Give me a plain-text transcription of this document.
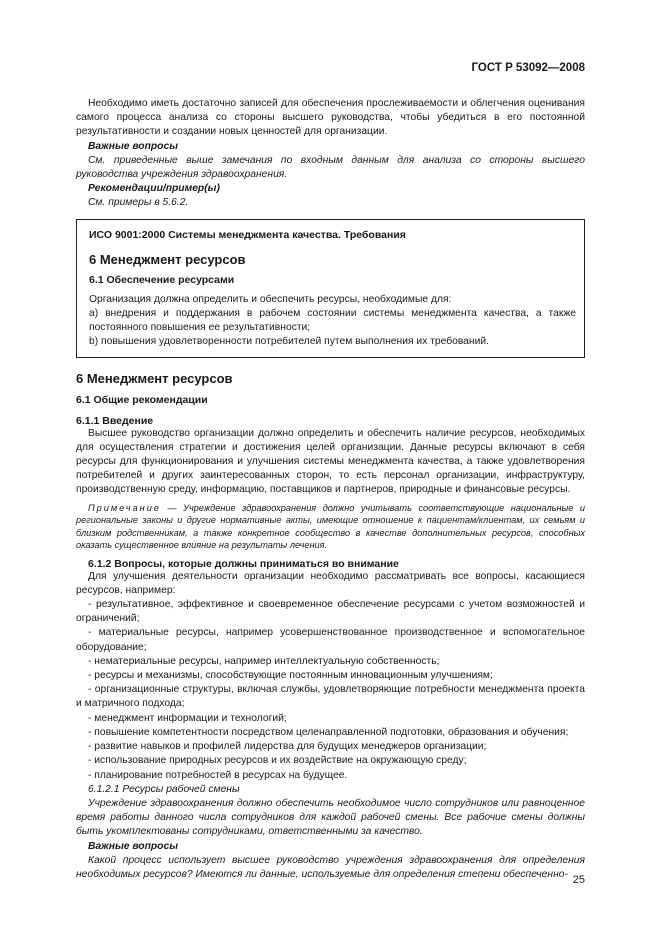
ГОСТ Р 53092—2008

Необходимо иметь достаточно записей для обеспечения прослеживаемости и облегчения оценивания самого процесса анализа со стороны высшего руководства, чтобы убедиться в его постоянной результативности и создании новых ценностей для организации.

Важные вопросы

См. приведенные выше замечания по входным данным для анализа со стороны высшего руководства учреждения здравоохранения.

Рекомендации/пример(ы)

См. примеры в 5.6.2.

ИСО 9001:2000 Системы менеджмента качества. Требования

6 Менеджмент ресурсов

6.1 Обеспечение ресурсами

Организация должна определить и обеспечить ресурсы, необходимые для:

а) внедрения и поддержания в рабочем состоянии системы менеджмента качества, а также постоянного повышения ее результативности;

b) повышения удовлетворенности потребителей путем выполнения их требований.

6 Менеджмент ресурсов

6.1 Общие рекомендации

6.1.1 Введение

Высшее руководство организации должно определить и обеспечить наличие ресурсов, необходимых для осуществления стратегии и достижения целей организации. Данные ресурсы включают в себя ресурсы для функционирования и улучшения системы менеджмента качества, а также удовлетворения потребителей и других заинтересованных сторон, то есть персонал организации, инфраструктуру, производственную среду, информацию, поставщиков и партнеров, природные и финансовые ресурсы.

Примечание — Учреждение здравоохранения должно учитывать соответствующие национальные и региональные законы и другие нормативные акты, имеющие отношение к пациентам/клиентам, их семьям и близким родственникам, а также конкретное сообщество в качестве дополнительных ресурсов, способных оказать существенное влияние на результаты лечения.

6.1.2 Вопросы, которые должны приниматься во внимание

Для улучшения деятельности организации необходимо рассматривать все вопросы, касающиеся ресурсов, например:

- результативное, эффективное и своевременное обеспечение ресурсами с учетом возможностей и ограничений;

- материальные ресурсы, например усовершенствованное производственное и вспомогательное оборудование;

- нематериальные ресурсы, например интеллектуальную собственность;

- ресурсы и механизмы, способствующие постоянным инновационным улучшениям;

- организационные структуры, включая службы, удовлетворяющие потребности менеджмента проекта и матричного подхода;

- менеджмент информации и технологий;

- повышение компетентности посредством целенаправленной подготовки, образования и обучения;

- развитие навыков и профилей лидерства для будущих менеджеров организации;

- использование природных ресурсов и их воздействие на окружающую среду;

- планирование потребностей в ресурсах на будущее.

6.1.2.1 Ресурсы рабочей смены

Учреждение здравоохранения должно обеспечить необходимое число сотрудников или равноценное время работы данного числа сотрудников для каждой рабочей смены. Все рабочие смены должны быть укомплектованы сотрудниками, ответственными за качество.

Важные вопросы

Какой процесс использует высшее руководство учреждения здравоохранения для определения необходимых ресурсов? Имеются ли данные, используемые для определения степени обеспеченно- 25
